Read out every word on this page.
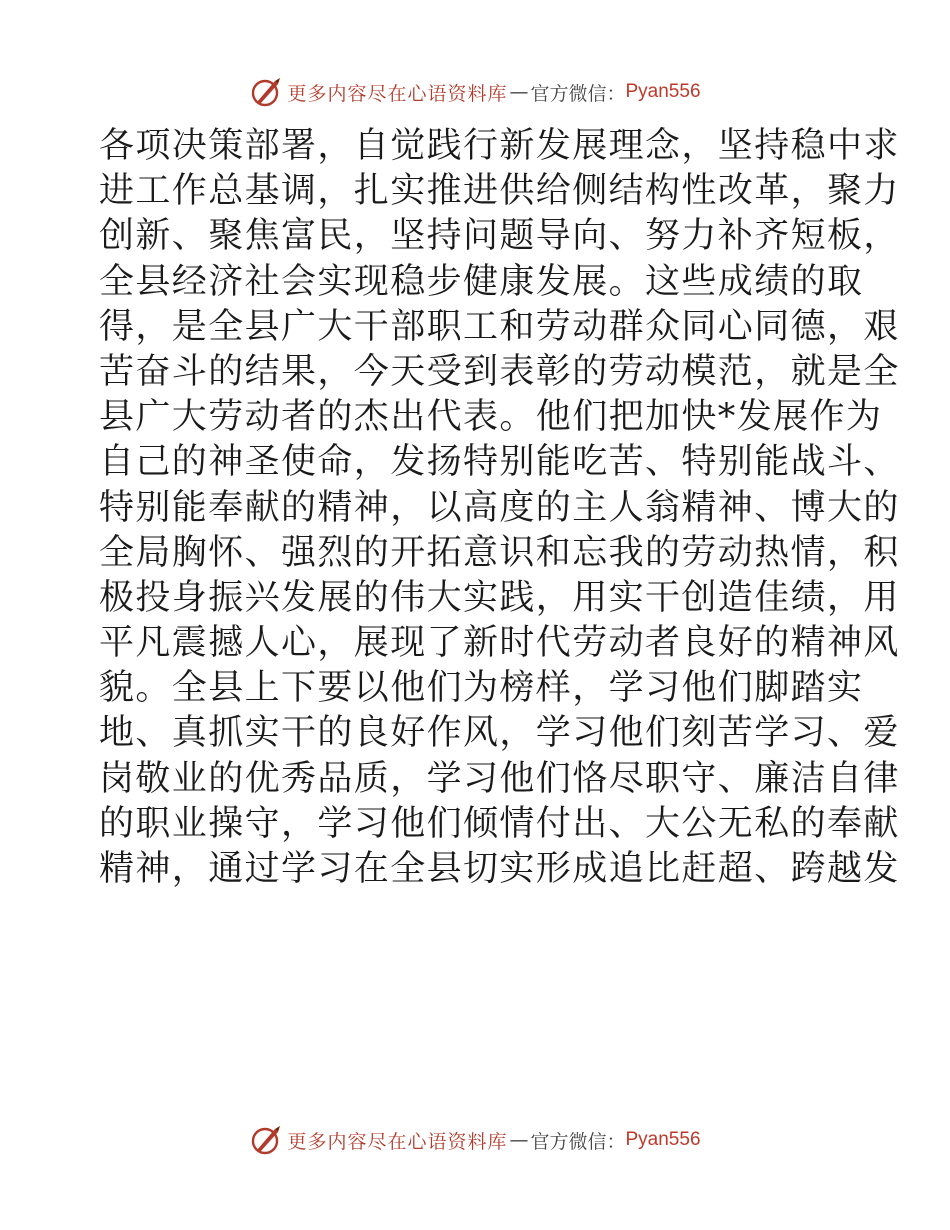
更多内容尽在心语资料库 — 官方微信： Pyan556
各项决策部署，自觉践行新发展理念，坚持稳中求
进工作总基调，扎实推进供给侧结构性改革，聚力
创新、聚焦富民，坚持问题导向、努力补齐短板，
全县经济社会实现稳步健康发展。这些成绩的取
得，是全县广大干部职工和劳动群众同心同德，艰
苦奋斗的结果，今天受到表彰的劳动模范，就是全
县广大劳动者的杰出代表。他们把加快*发展作为
自己的神圣使命，发扬特别能吃苦、特别能战斗、
特别能奉献的精神，以高度的主人翁精神、博大的
全局胸怀、强烈的开拓意识和忘我的劳动热情，积
极投身振兴发展的伟大实践，用实干创造佳绩，用
平凡震撼人心，展现了新时代劳动者良好的精神风
貌。全县上下要以他们为榜样，学习他们脚踏实
地、真抓实干的良好作风，学习他们刻苦学习、爱
岗敬业的优秀品质，学习他们恪尽职守、廉洁自律
的职业操守，学习他们倾情付出、大公无私的奉献
精神，通过学习在全县切实形成追比赶超、跨越发
更多内容尽在心语资料库 — 官方微信： Pyan556
